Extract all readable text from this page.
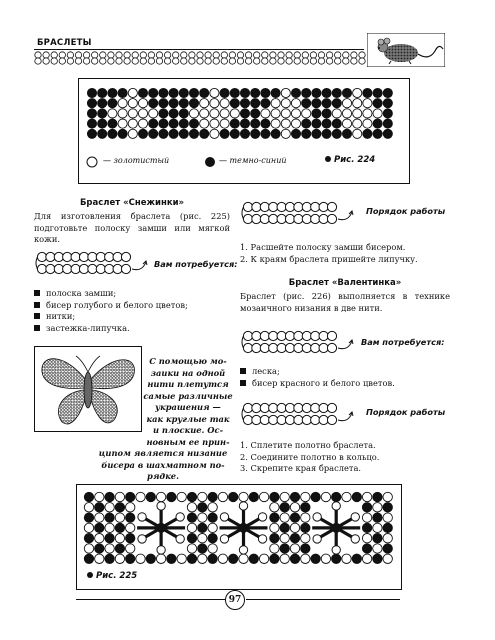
БРАСЛЕТЫ
— золотистый	— темно-синий	Рис. 224
Браслет «Снежинки»
Для изготовления браслета (рис. 225) подготовьте полоску замши или мягкой кожи.
Вам потребуется:
полоска замши;
бисер голубого и белого цветов;
нитки;
застежка-липучка.
С помощью мо-
заики на одной
нити плетутся
самые различные
украшения —
как круглые так
и плоские. Ос-
новным ее прин-
ципом является низание
бисера в шахматном по-
рядке.
Порядок работы
1. Расшейте полоску замши бисером.
2. К краям браслета пришейте липучку.
Браслет «Валентинка»
Браслет (рис. 226) выполняется в технике мозаичного низания в две нити.
Вам потребуется:
леска;
бисер красного и белого цветов.
Порядок работы
1. Сплетите полотно браслета.
2. Соедините полотно в кольцо.
3. Скрепите края браслета.
Рис. 225
97
